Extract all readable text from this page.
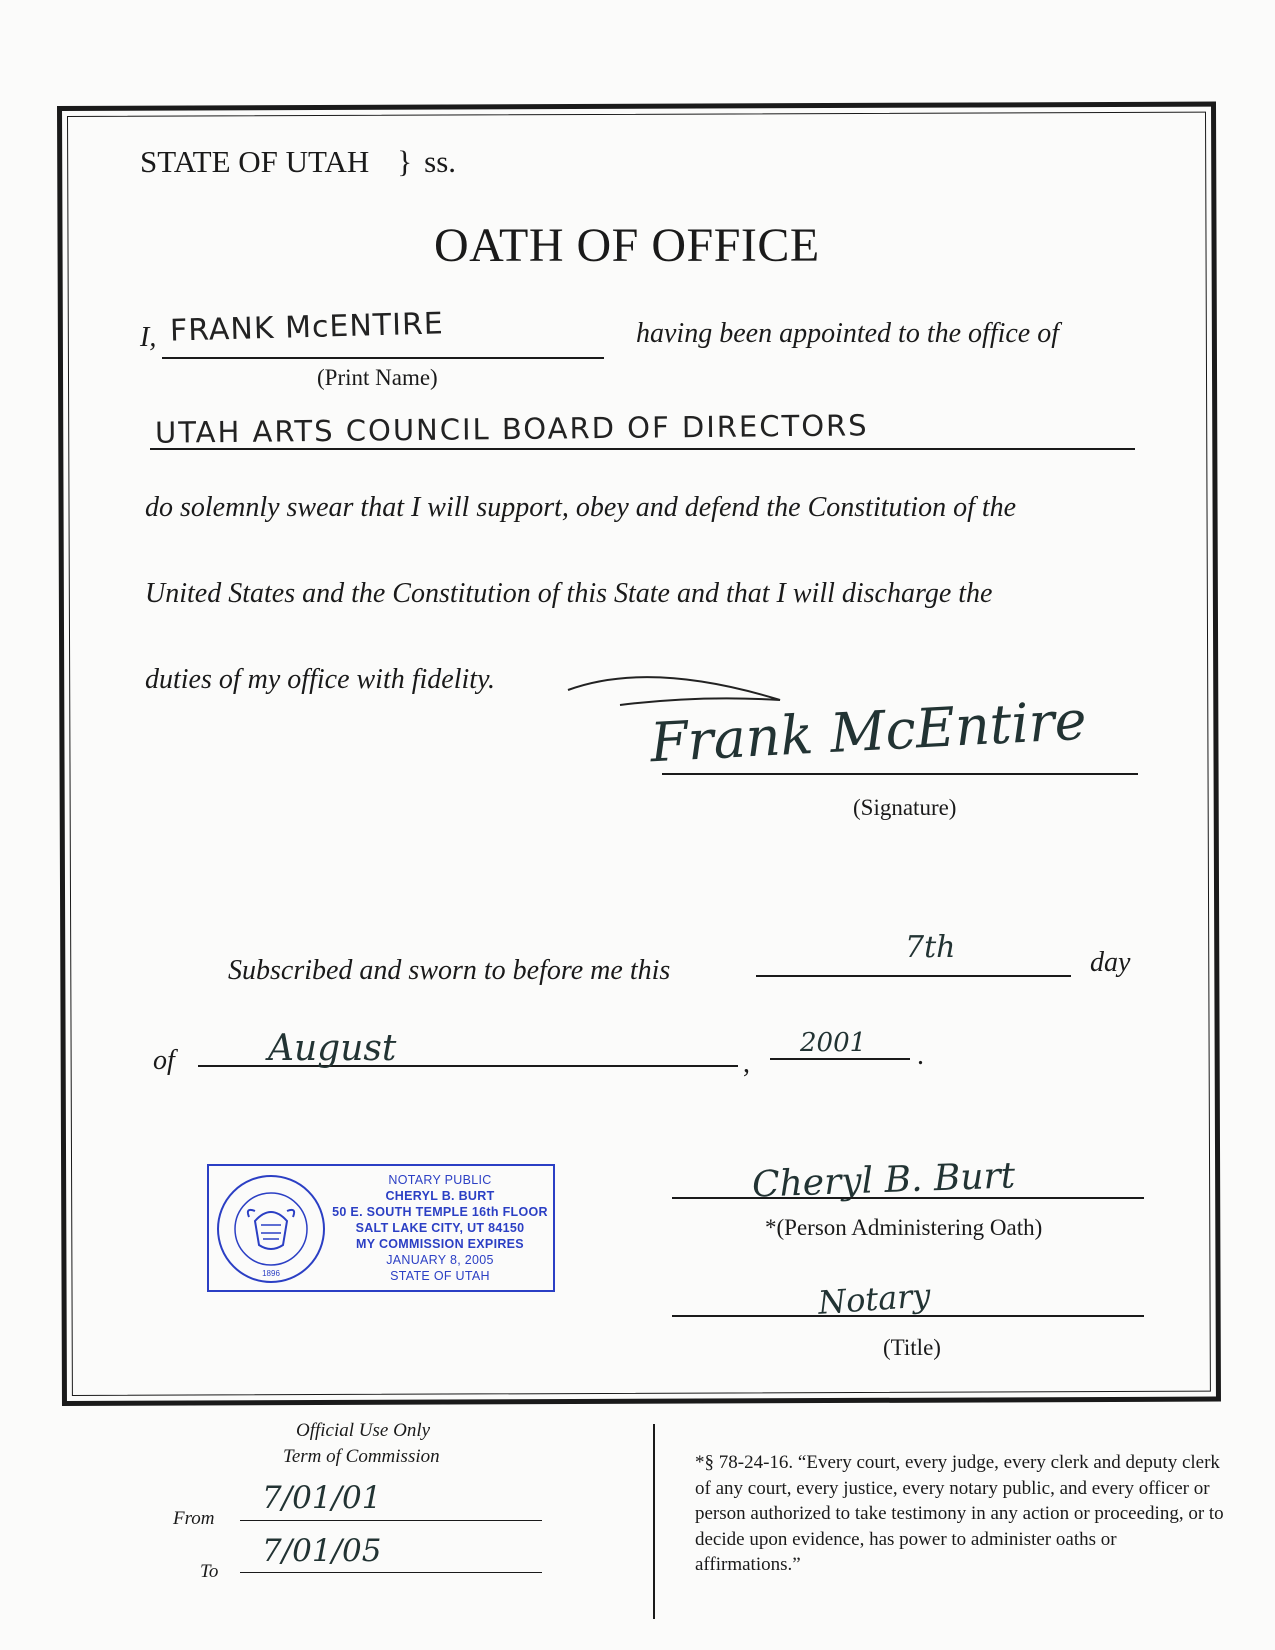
STATE OF UTAH } ss.
OATH OF OFFICE
I, FRANK McENTIRE	having been appointed to the office of
(Print Name)
UTAH ARTS COUNCIL BOARD OF DIRECTORS
do solemnly swear that I will support, obey and defend the Constitution of the
United States and the Constitution of this State and that I will discharge the
duties of my office with fidelity.
Frank McEntire
(Signature)
Subscribed and sworn to before me this
7th	day
of	August	,
2001 .
1896
NOTARY PUBLIC
CHERYL B. BURT
50 E. SOUTH TEMPLE 16th FLOOR
SALT LAKE CITY, UT 84150
MY COMMISSION EXPIRES
JANUARY 8, 2005
STATE OF UTAH
Cheryl B. Burt
*(Person Administering Oath)
Notary
(Title)
Official Use Only
Term of Commission
From
7/01/01
To
7/01/05
*§ 78-24-16. “Every court, every judge, every clerk and deputy clerk of any court, every justice, every notary public, and every officer or person authorized to take testimony in any action or proceeding, or to decide upon evidence, has power to administer oaths or affirmations.”
